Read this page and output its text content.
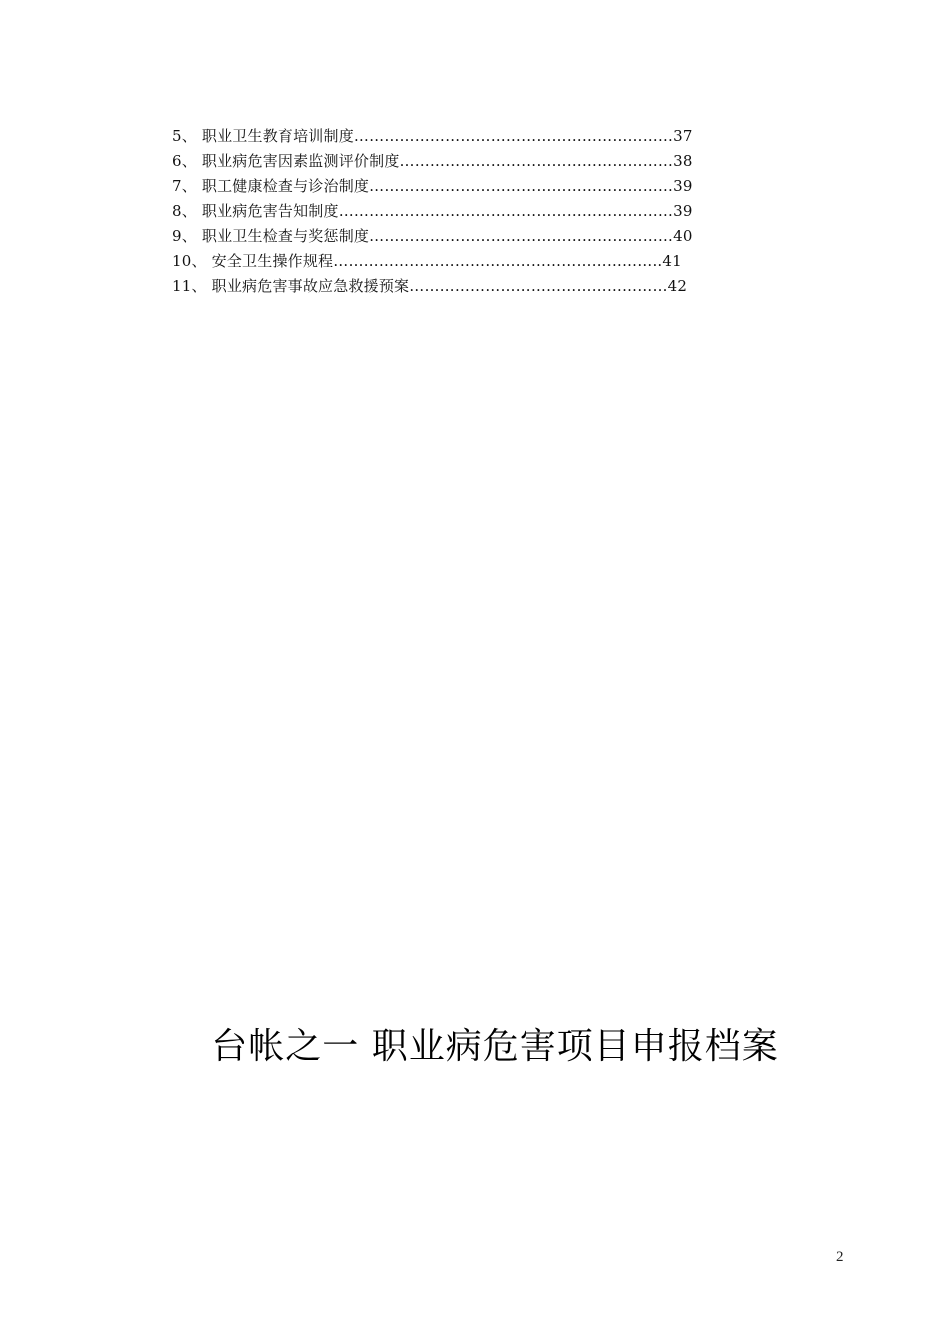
5、 职业卫生教育培训制度………………………………………………………37
6、 职业病危害因素监测评价制度………………………………………………38
7、 职工健康检查与诊治制度……………………………………………………39
8、 职业病危害告知制度…………………………………………………………39
9、 职业卫生检查与奖惩制度……………………………………………………40
10、 安全卫生操作规程………………………………………………………..41
11、 职业病危害事故应急救援预案……………………………………………42
台帐之一 职业病危害项目申报档案
2
